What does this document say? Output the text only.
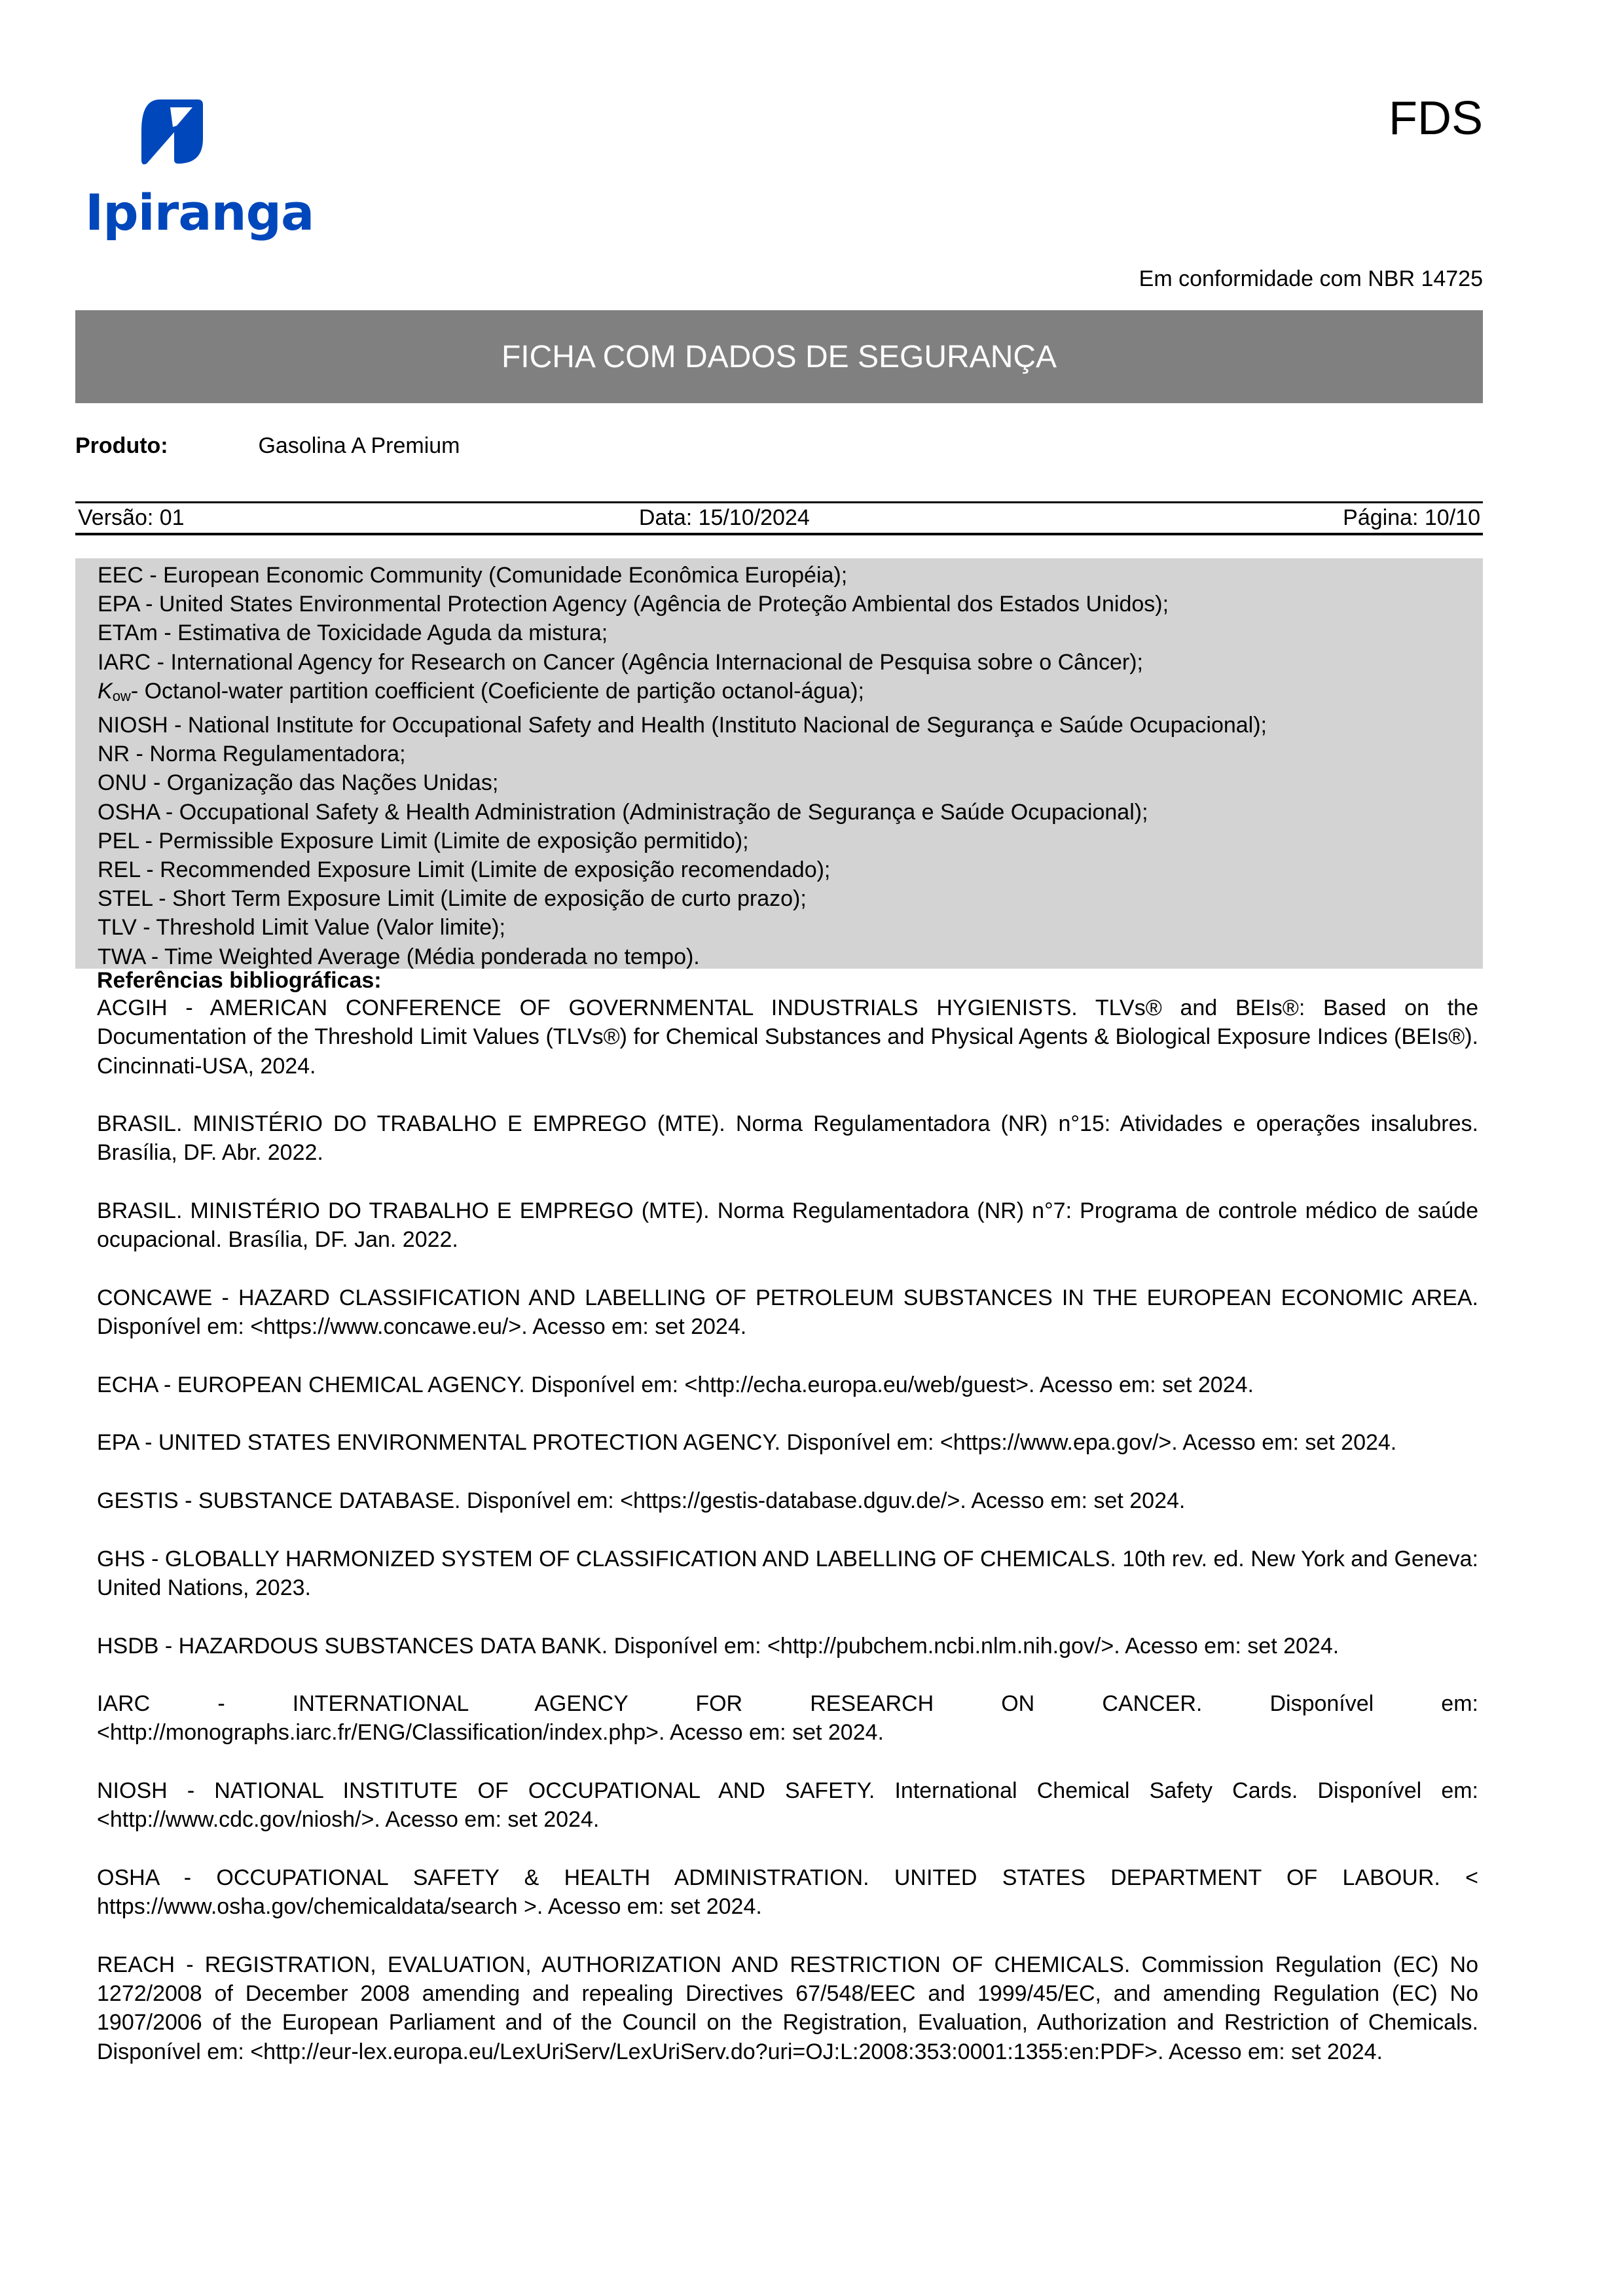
Ipiranga
FDS
Em conformidade com NBR 14725
FICHA COM DADOS DE SEGURANÇA
Produto:	Gasolina A Premium
Versão: 01	Data: 15/10/2024	Página: 10/10
EEC - European Economic Community (Comunidade Econômica Européia);
EPA - United States Environmental Protection Agency (Agência de Proteção Ambiental dos Estados Unidos);
ETAm - Estimativa de Toxicidade Aguda da mistura;
IARC - International Agency for Research on Cancer (Agência Internacional de Pesquisa sobre o Câncer);
$K_{ow}-$ Octanol-water partition coefficient (Coeficiente de partição octanol-água);
NIOSH - National Institute for Occupational Safety and Health (Instituto Nacional de Segurança e Saúde Ocupacional);
NR - Norma Regulamentadora;
ONU - Organização das Nações Unidas;
OSHA - Occupational Safety & Health Administration (Administração de Segurança e Saúde Ocupacional);
PEL - Permissible Exposure Limit (Limite de exposição permitido);
REL - Recommended Exposure Limit (Limite de exposição recomendado);
STEL - Short Term Exposure Limit (Limite de exposição de curto prazo);
TLV - Threshold Limit Value (Valor limite);
TWA - Time Weighted Average (Média ponderada no tempo).
Referências bibliográficas:

ACGIH - AMERICAN CONFERENCE OF GOVERNMENTAL INDUSTRIALS HYGIENISTS. TLVs® and BEIs®: Based on the Documentation of the Threshold Limit Values (TLVs®) for Chemical Substances and Physical Agents & Biological Exposure Indices (BEIs®). Cincinnati-USA, 2024.

BRASIL. MINISTÉRIO DO TRABALHO E EMPREGO (MTE). Norma Regulamentadora (NR) n°15: Atividades e operações insalubres. Brasília, DF. Abr. 2022.

BRASIL. MINISTÉRIO DO TRABALHO E EMPREGO (MTE). Norma Regulamentadora (NR) n°7: Programa de controle médico de saúde ocupacional. Brasília, DF. Jan. 2022.

CONCAWE - HAZARD CLASSIFICATION AND LABELLING OF PETROLEUM SUBSTANCES IN THE EUROPEAN ECONOMIC AREA. Disponível em: <https://www.concawe.eu/>. Acesso em: set 2024.

ECHA - EUROPEAN CHEMICAL AGENCY. Disponível em: <http://echa.europa.eu/web/guest>. Acesso em: set 2024.

EPA - UNITED STATES ENVIRONMENTAL PROTECTION AGENCY. Disponível em: <https://www.epa.gov/>. Acesso em: set 2024.

GESTIS - SUBSTANCE DATABASE. Disponível em: <https://gestis-database.dguv.de/>. Acesso em: set 2024.

GHS - GLOBALLY HARMONIZED SYSTEM OF CLASSIFICATION AND LABELLING OF CHEMICALS. 10th rev. ed. New York and Geneva: United Nations, 2023.

HSDB - HAZARDOUS SUBSTANCES DATA BANK. Disponível em: <http://pubchem.ncbi.nlm.nih.gov/>. Acesso em: set 2024.

IARC - INTERNATIONAL AGENCY FOR RESEARCH ON CANCER. Disponível em: <http://monographs.iarc.fr/ENG/Classification/index.php>. Acesso em: set 2024.

NIOSH - NATIONAL INSTITUTE OF OCCUPATIONAL AND SAFETY. International Chemical Safety Cards. Disponível em: <http://www.cdc.gov/niosh/>. Acesso em: set 2024.

OSHA - OCCUPATIONAL SAFETY & HEALTH ADMINISTRATION. UNITED STATES DEPARTMENT OF LABOUR. < https://www.osha.gov/chemicaldata/search >. Acesso em: set 2024.

REACH - REGISTRATION, EVALUATION, AUTHORIZATION AND RESTRICTION OF CHEMICALS. Commission Regulation (EC) No 1272/2008 of December 2008 amending and repealing Directives 67/548/EEC and 1999/45/EC, and amending Regulation (EC) No 1907/2006 of the European Parliament and of the Council on the Registration, Evaluation, Authorization and Restriction of Chemicals. Disponível em: <http://eur-lex.europa.eu/LexUriServ/LexUriServ.do?uri=OJ:L:2008:353:0001:1355:en:PDF>. Acesso em: set 2024.
